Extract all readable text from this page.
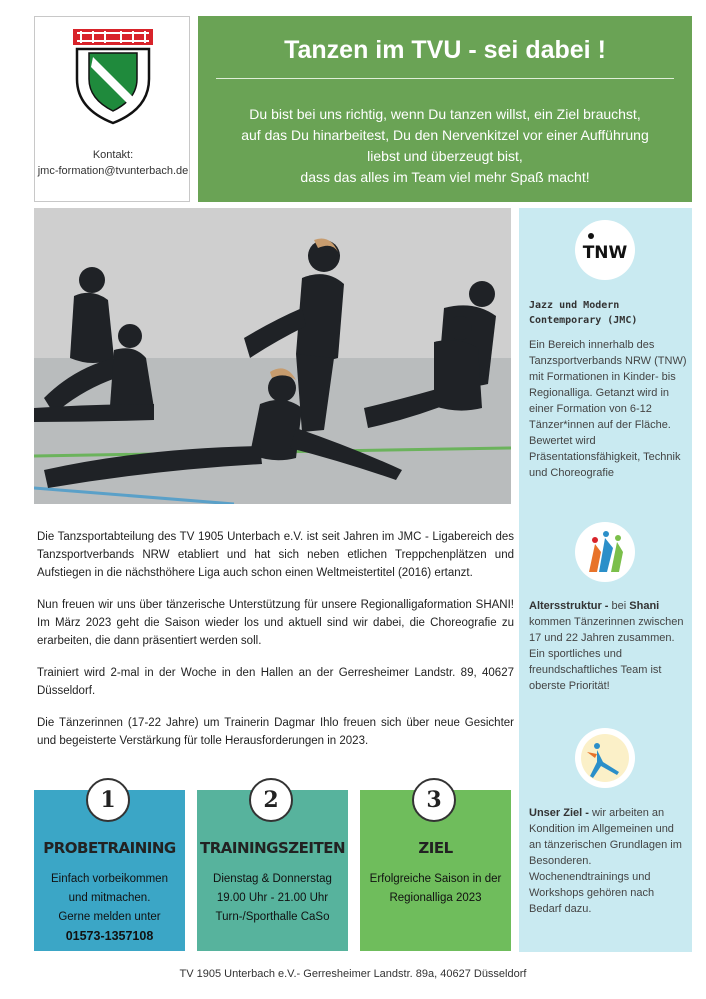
Kontakt:
jmc-formation@tvunterbach.de
Tanzen im TVU - sei dabei !
Du bist bei uns richtig, wenn Du tanzen willst, ein Ziel brauchst,
auf das Du hinarbeitest, Du den Nervenkitzel vor einer Aufführung
liebst und überzeugt bist,
dass das alles im Team viel mehr Spaß macht!
TNW
Jazz und Modern Contemporary (JMC)
Ein Bereich innerhalb des Tanzsportverbands NRW (TNW) mit Formationen in Kinder- bis Regionalliga. Getanzt wird in einer Formation von 6-12 Tänzer*innen auf der Fläche. Bewertet wird Präsentationsfähigkeit, Technik und Choreografie
Altersstruktur - bei Shani kommen Tänzerinnen zwischen 17 und 22 Jahren zusammen. Ein sportliches und freundschaftliches Team ist oberste Priorität!
Unser Ziel - wir arbeiten an Kondition im Allgemeinen und an tänzerischen Grundlagen im Besonderen. Wochenendtrainings und Workshops gehören nach Bedarf dazu.

Die Tanzsportabteilung des TV 1905 Unterbach e.V. ist seit Jahren im JMC - Ligabereich des Tanzsportverbands NRW etabliert und hat sich neben etlichen Treppchenplätzen und Aufstiegen in die nächsthöhere Liga auch schon einen Weltmeistertitel (2016) ertanzt.

Nun freuen wir uns über tänzerische Unterstützung für unsere Regionalligaformation SHANI! Im März 2023 geht die Saison wieder los und aktuell sind wir dabei, die Choreografie zu erarbeiten, die dann präsentiert werden soll.

Trainiert wird 2-mal in der Woche in den Hallen an der Gerresheimer Landstr. 89, 40627 Düsseldorf.

Die Tänzerinnen (17-22 Jahre) um Trainerin Dagmar Ihlo freuen sich über neue Gesichter und begeisterte Verstärkung für tolle Herausforderungen in 2023.

1
PROBETRAINING
Einfach vorbeikommen
und mitmachen.
Gerne melden unter
01573-1357108
2
TRAININGSZEITEN
Dienstag & Donnerstag
19.00 Uhr - 21.00 Uhr
Turn-/Sporthalle CaSo
3
ZIEL
Erfolgreiche Saison in der
Regionalliga 2023
TV 1905 Unterbach e.V.- Gerresheimer Landstr. 89a, 40627 Düsseldorf
